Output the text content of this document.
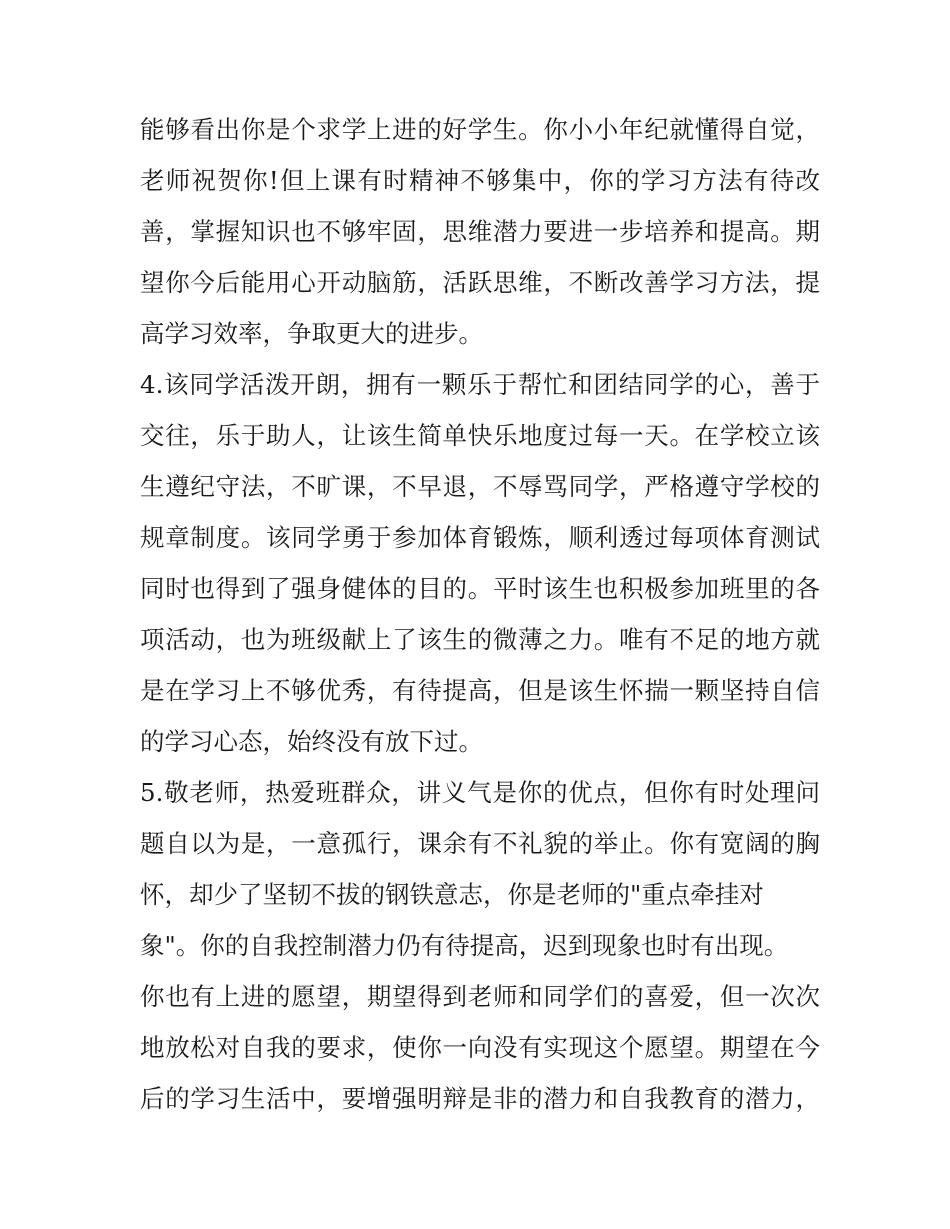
能够看出你是个求学上进的好学生。你小小年纪就懂得自觉，
老师祝贺你!但上课有时精神不够集中，你的学习方法有待改
善，掌握知识也不够牢固，思维潜力要进一步培养和提高。期
望你今后能用心开动脑筋，活跃思维，不断改善学习方法，提
高学习效率，争取更大的进步。
4.该同学活泼开朗，拥有一颗乐于帮忙和团结同学的心，善于
交往，乐于助人，让该生简单快乐地度过每一天。在学校立该
生遵纪守法，不旷课，不早退，不辱骂同学，严格遵守学校的
规章制度。该同学勇于参加体育锻炼，顺利透过每项体育测试
同时也得到了强身健体的目的。平时该生也积极参加班里的各
项活动，也为班级献上了该生的微薄之力。唯有不足的地方就
是在学习上不够优秀，有待提高，但是该生怀揣一颗坚持自信
的学习心态，始终没有放下过。
5.敬老师，热爱班群众，讲义气是你的优点，但你有时处理问
题自以为是，一意孤行，课余有不礼貌的举止。你有宽阔的胸
怀，却少了坚韧不拔的钢铁意志，你是老师的"重点牵挂对
象"。你的自我控制潜力仍有待提高，迟到现象也时有出现。
你也有上进的愿望，期望得到老师和同学们的喜爱，但一次次
地放松对自我的要求，使你一向没有实现这个愿望。期望在今
后的学习生活中，要增强明辩是非的潜力和自我教育的潜力，
